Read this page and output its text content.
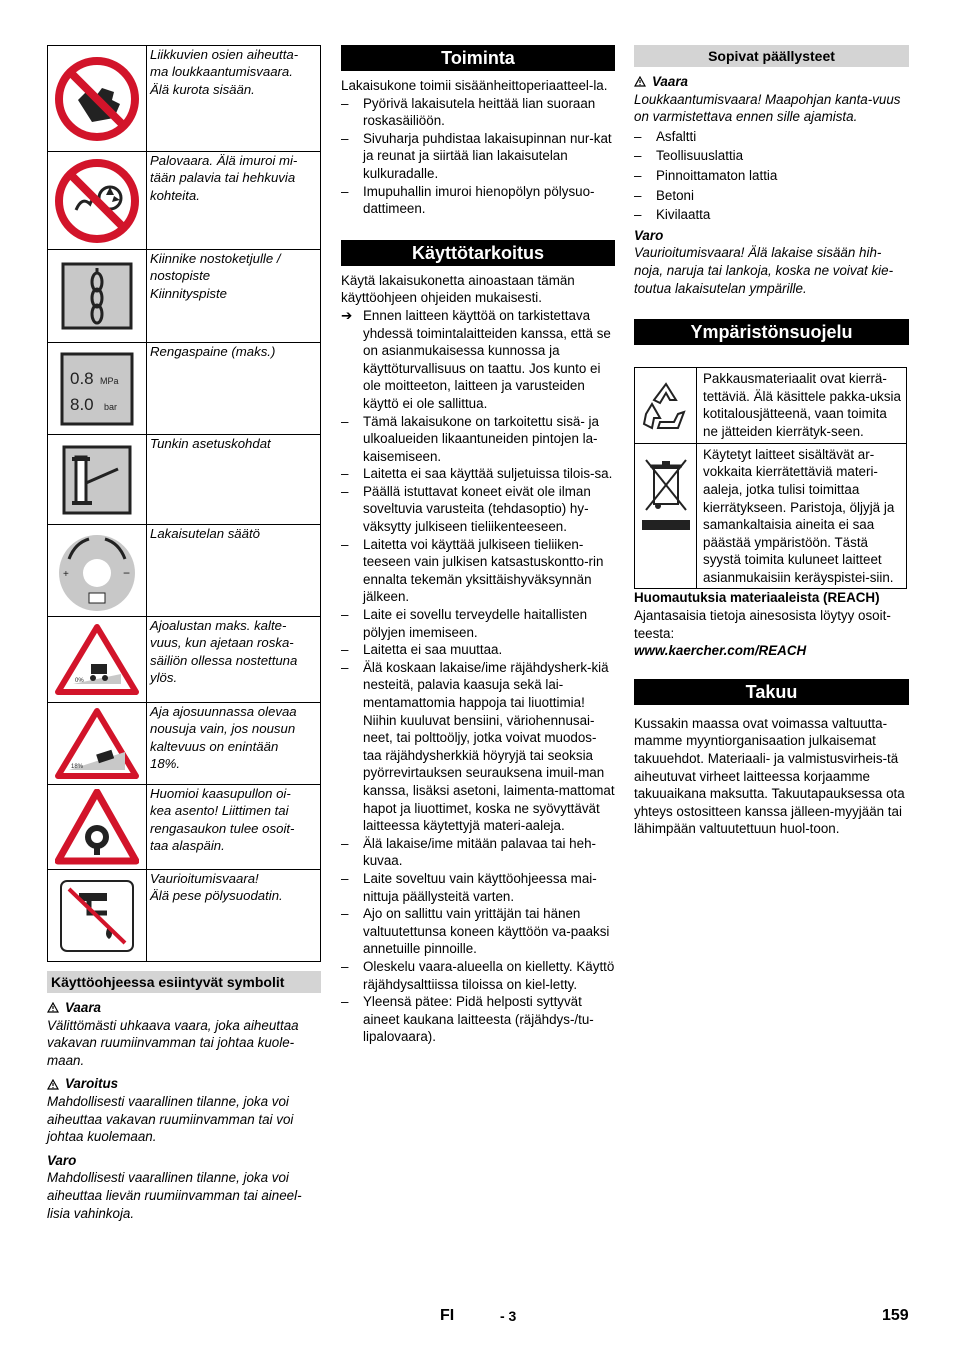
	Liikkuvien osien aiheutta-
ma loukkaantumisvaara.
Älä kurota sisään.

	Palovaara. Älä imuroi mi-
tään palavia tai hehkuvia
kohteita.

	Kiinnike nostoketjulle /
nostopiste
Kiinnityspiste

0.8 MPa
8.0 bar	Rengaspaine (maks.)

	Tunkin asetuskohdat

+ −	Lakaisutelan säätö

0%	Ajoalustan maks. kalte-
vuus, kun ajetaan roska-
säiliön ollessa nostettuna
ylös.

18%	Aja ajosuunnassa olevaa
nousuja vain, jos nousun
kaltevuus on enintään
18%.

	Huomioi kaasupullon oi-
kea asento! Liittimen tai
rengasaukon tulee osoit-
taa alaspäin.

	Vaurioitumisvaara!
Älä pese pölysuodatin.
Käyttöohjeessa esiintyvät symbolit
Vaara

Välittömästi uhkaava vaara, joka aiheuttaa vakavan ruumiinvamman tai johtaa kuole-maan.

Varoitus

Mahdollisesti vaarallinen tilanne, joka voi aiheuttaa vakavan ruumiinvamman tai voi johtaa kuolemaan.

Varo

Mahdollisesti vaarallinen tilanne, joka voi aiheuttaa lievän ruumiinvamman tai aineel-lisia vahinkoja.

Toiminta

Lakaisukone toimii sisäänheittoperiaatteel-la.

– Pyörivä lakaisutela heittää lian suoraan roskasäiliöön.
– Sivuharja puhdistaa lakaisupinnan nur-kat ja reunat ja siirtää lian lakaisutelan kulkuradalle.
– Imupuhallin imuroi hienopölyn pölysuo-dattimeen.
Käyttötarkoitus

Käytä lakaisukonetta ainoastaan tämän käyttöohjeen ohjeiden mukaisesti.

➔ Ennen laitteen käyttöä on tarkistettava yhdessä toimintalaitteiden kanssa, että se on asianmukaisessa kunnossa ja käyttöturvallisuus on taattu. Jos kunto ei ole moitteeton, laitteen ja varusteiden käyttö ei ole sallittua.
– Tämä lakaisukone on tarkoitettu sisä- ja ulkoalueiden likaantuneiden pintojen la-kaisemiseen.
– Laitetta ei saa käyttää suljetuissa tilois-sa.
– Päällä istuttavat koneet eivät ole ilman soveltuvia varusteita (tehdasoptio) hy-väksytty julkiseen tieliikenteeseen.
– Laitetta voi käyttää julkiseen tieliiken-teeseen vain julkisen katsastuskontto-rin ennalta tekemän yksittäishyväksynnän jälkeen.
– Laite ei sovellu terveydelle haitallisten pölyjen imemiseen.
– Laitetta ei saa muuttaa.
– Älä koskaan lakaise/ime räjähdysherk-kiä nesteitä, palavia kaasuja sekä lai-mentamattomia happoja tai liuottimia! Niihin kuuluvat bensiini, väriohennusai-neet, tai polttoöljy, jotka voivat muodos-taa räjähdysherkkiä höyryjä tai seoksia pyörrevirtauksen seurauksena imuil-man kanssa, lisäksi asetoni, laimenta-mattomat hapot ja liuottimet, koska ne syövyttävät laitteessa käytettyjä materi-aaleja.
– Älä lakaise/ime mitään palavaa tai heh-kuvaa.
– Laite soveltuu vain käyttöohjeessa mai-nittuja päällysteitä varten.
– Ajo on sallittu vain yrittäjän tai hänen valtuutettunsa koneen käyttöön va-paaksi annetuille pinnoille.
– Oleskelu vaara-alueella on kielletty. Käyttö räjähdysalttiissa tiloissa on kiel-letty.
– Yleensä pätee: Pidä helposti syttyvät aineet kaukana laitteesta (räjähdys-/tu-lipalovaara).
Sopivat päällysteet
Vaara

Loukkaantumisvaara! Maapohjan kanta-vuus on varmistettava ennen sille ajamista.

– Asfaltti
– Teollisuuslattia
– Pinnoittamaton lattia
– Betoni
– Kivilaatta
Varo

Vaurioitumisvaara! Älä lakaise sisään hih-noja, naruja tai lankoja, koska ne voivat kie-toutua lakaisutelan ympärille.

Ympäristönsuojelu
	Pakkausmateriaalit ovat kierrä-tettäviä. Älä käsittele pakka-uksia kotitalousjätteenä, vaan toimita ne jätteiden kierrätyk-seen.
	Käytetyt laitteet sisältävät ar-vokkaita kierrätettäviä materi-aaleja, jotka tulisi toimittaa kierrätykseen. Paristoja, öljyjä ja samankaltaisia aineita ei saa päästää ympäristöön. Tästä syystä toimita kuluneet laitteet asianmukaisiin keräyspistei-siin.

Huomautuksia materiaaleista (REACH)

Ajantasaisia tietoja ainesosista löytyy osoit-teesta:

www.kaercher.com/REACH

Takuu

Kussakin maassa ovat voimassa valtuutta-mamme myyntiorganisaation julkaisemat takuuehdot. Materiaali- ja valmistusvirheis-tä aiheutuvat virheet laitteessa korjaamme takuuaikana maksutta. Takuutapauksessa ota yhteys ostositteen kanssa jälleen-myyjään tai lähimpään valtuutettuun huol-toon.

FI	- 3	159
